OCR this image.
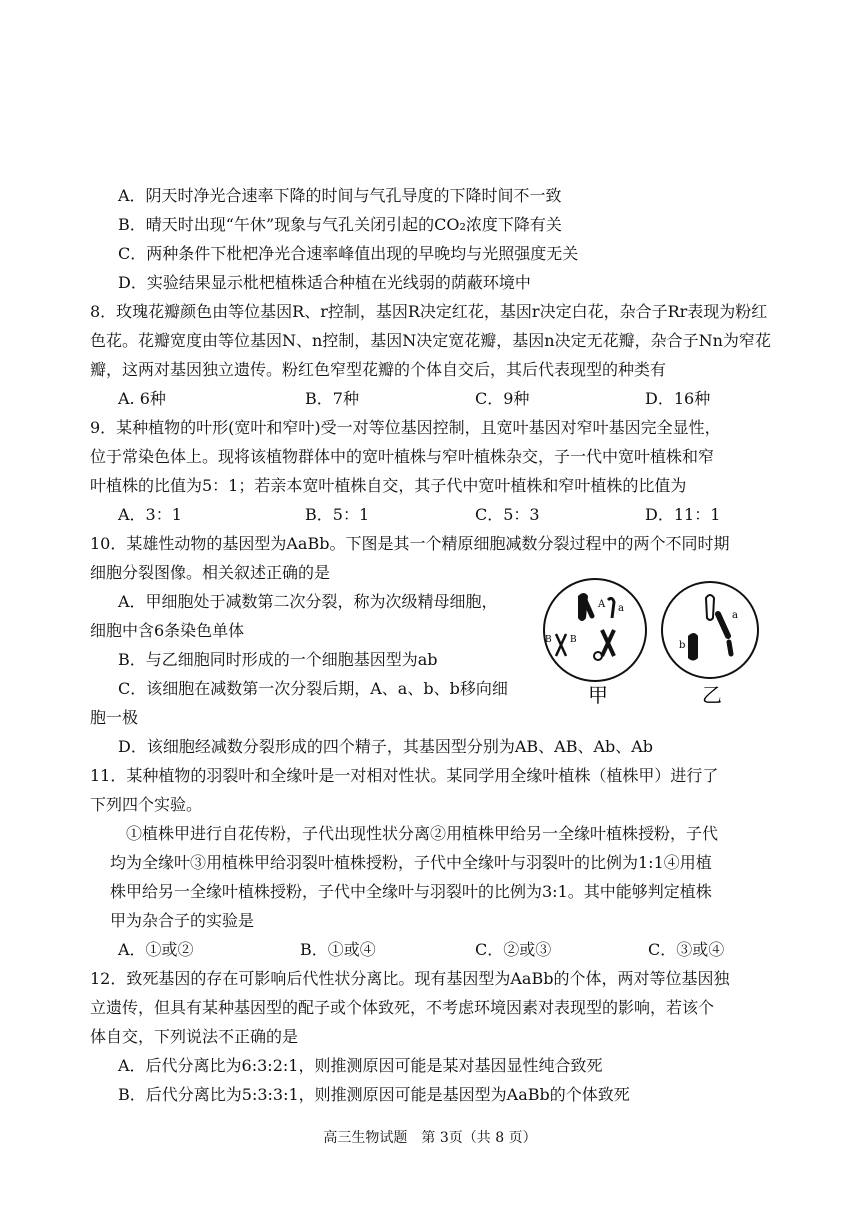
A．阴天时净光合速率下降的时间与气孔导度的下降时间不一致
B．晴天时出现“午休”现象与气孔关闭引起的CO₂浓度下降有关
C．两种条件下枇杷净光合速率峰值出现的早晚均与光照强度无关
D．实验结果显示枇杷植株适合种植在光线弱的荫蔽环境中
8．玫瑰花瓣颜色由等位基因R、r控制，基因R决定红花，基因r决定白花，杂合子Rr表现为粉红
色花。花瓣宽度由等位基因N、n控制，基因N决定宽花瓣，基因n决定无花瓣，杂合子Nn为窄花
瓣，这两对基因独立遗传。粉红色窄型花瓣的个体自交后，其后代表现型的种类有
A. 6种	B．7种	C．9种	D．16种
9．某种植物的叶形(宽叶和窄叶)受一对等位基因控制，且宽叶基因对窄叶基因完全显性，
位于常染色体上。现将该植物群体中的宽叶植株与窄叶植株杂交，子一代中宽叶植株和窄
叶植株的比值为5：1；若亲本宽叶植株自交，其子代中宽叶植株和窄叶植株的比值为
A．3：1	B．5：1	C．5：3	D．11：1
10．某雄性动物的基因型为AaBb。下图是其一个精原细胞减数分裂过程中的两个不同时期
细胞分裂图像。相关叙述正确的是
A．甲细胞处于减数第二次分裂，称为次级精母细胞，
细胞中含6条染色单体
B．与乙细胞同时形成的一个细胞基因型为ab
C．该细胞在减数第一次分裂后期，A、a、b、b移向细
胞一极
D．该细胞经减数分裂形成的四个精子，其基因型分别为AB、AB、Ab、Ab
A a
B B
a
b
甲	乙
11．某种植物的羽裂叶和全缘叶是一对相对性状。某同学用全缘叶植株（植株甲）进行了
下列四个实验。
①植株甲进行自花传粉，子代出现性状分离②用植株甲给另一全缘叶植株授粉，子代
均为全缘叶③用植株甲给羽裂叶植株授粉，子代中全缘叶与羽裂叶的比例为1:1④用植
株甲给另一全缘叶植株授粉，子代中全缘叶与羽裂叶的比例为3:1。其中能够判定植株
甲为杂合子的实验是
A．①或②	B．①或④	C．②或③	C．③或④
12．致死基因的存在可影响后代性状分离比。现有基因型为AaBb的个体，两对等位基因独
立遗传，但具有某种基因型的配子或个体致死，不考虑环境因素对表现型的影响，若该个
体自交，下列说法不正确的是
A．后代分离比为6:3:2:1，则推测原因可能是某对基因显性纯合致死
B．后代分离比为5:3:3:1，则推测原因可能是基因型为AaBb的个体致死
高三生物试题　第 3页（共 8 页）
